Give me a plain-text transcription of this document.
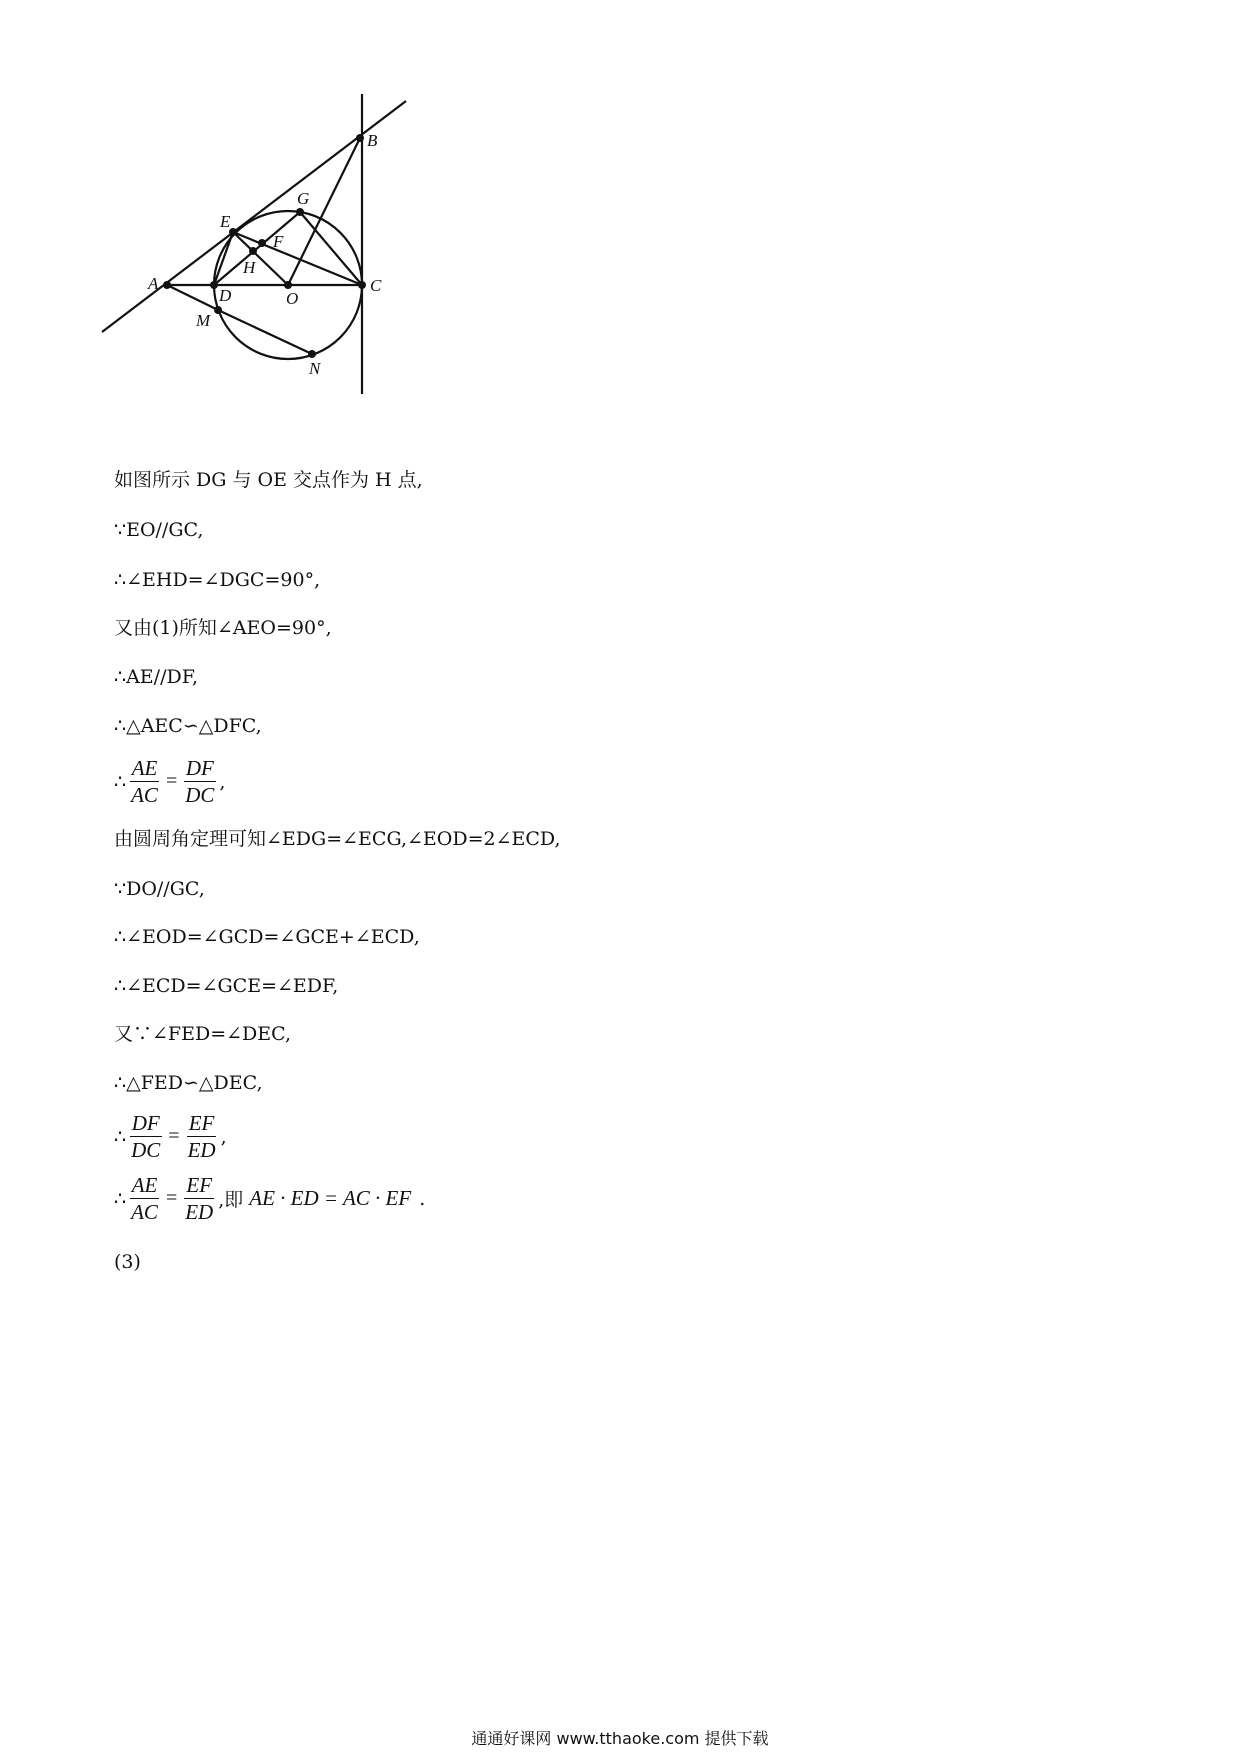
B
G
E
F
H
A
D	O
C
M
N
如图所示 DG 与 OE 交点作为 H 点,
∵EO//GC,
∴∠EHD=∠DGC=90°,
又由(1)所知∠AEO=90°,
∴AE//DF,
∴△AEC∽△DFC,
∴ $\frac{AE}{AC} = \frac{DF}{DC}$ ,
由圆周角定理可知∠EDG=∠ECG,∠EOD=2∠ECD,
∵DO//GC,
∴∠EOD=∠GCD=∠GCE+∠ECD,
∴∠ECD=∠GCE=∠EDF,
又∵∠FED=∠DEC,
∴△FED∽△DEC,
∴ $\frac{DF}{DC} = \frac{EF}{ED}$ ,
∴ $\frac{AE}{AC} = \frac{EF}{ED}$ ,即 AE · ED = AC · EF .
(3)
通通好课网 www.tthaoke.com 提供下载
